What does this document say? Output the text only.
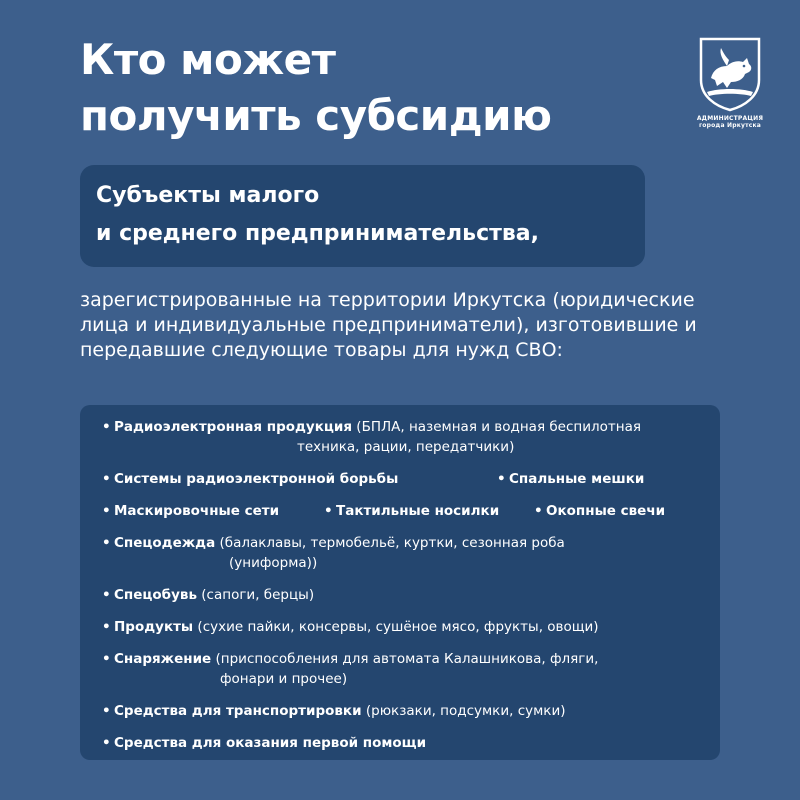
Кто может
получить субсидию	АДМИНИСТРАЦИЯ
города Иркутска
Субъекты малого
и среднего предпринимательства,
зарегистрированные на территории Иркутска (юридические лица и индивидуальные предприниматели), изготовившие и передавшие следующие товары для нужд СВО:
• Радиоэлектронная продукция (БПЛА, наземная и водная беспилотная
техника, рации, передатчики)
• Системы радиоэлектронной борьбы	• Спальные мешки
• Маскировочные сети	• Тактильные носилки	• Окопные свечи
• Спецодежда (балаклавы, термобельё, куртки, сезонная роба
(униформа))
• Спецобувь (сапоги, берцы)
• Продукты (сухие пайки, консервы, сушёное мясо, фрукты, овощи)
• Снаряжение (приспособления для автомата Калашникова, фляги,
фонари и прочее)
• Средства для транспортировки (рюкзаки, подсумки, сумки)
• Средства для оказания первой помощи
